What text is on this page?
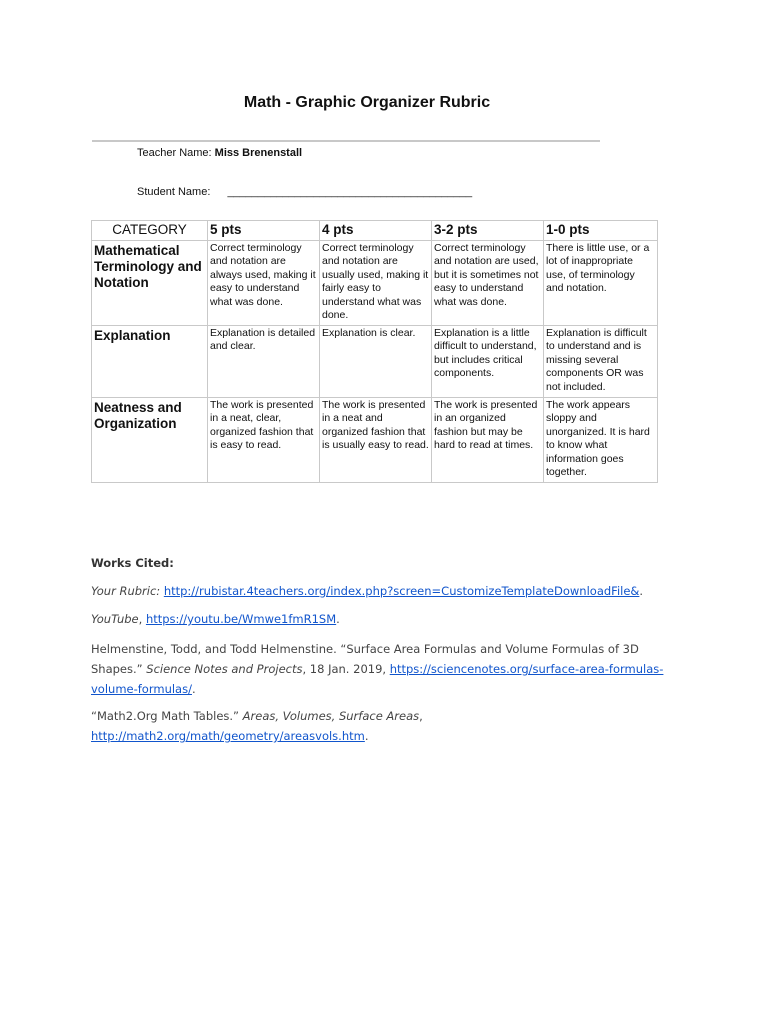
Math - Graphic Organizer Rubric
Teacher Name: Miss Brenenstall
Student Name: ________________________________________
CATEGORY	5 pts	4 pts	3-2 pts	1-0 pts
Mathematical Terminology and Notation	Correct terminology and notation are always used, making it easy to understand what was done.	Correct terminology and notation are usually used, making it fairly easy to understand what was done.	Correct terminology and notation are used, but it is sometimes not easy to understand what was done.	There is little use, or a lot of inappropriate use, of terminology and notation.
Explanation	Explanation is detailed and clear.	Explanation is clear.	Explanation is a little difficult to understand, but includes critical components.	Explanation is difficult to understand and is missing several components OR was not included.
Neatness and Organization	The work is presented in a neat, clear, organized fashion that is easy to read.	The work is presented in a neat and organized fashion that is usually easy to read.	The work is presented in an organized fashion but may be hard to read at times.	The work appears sloppy and unorganized. It is hard to know what information goes together.
Works Cited:
Your Rubric: http://rubistar.4teachers.org/index.php?screen=CustomizeTemplateDownloadFile&.
YouTube, https://youtu.be/Wmwe1fmR1SM.
Helmenstine, Todd, and Todd Helmenstine. “Surface Area Formulas and Volume Formulas of 3D Shapes.” Science Notes and Projects, 18 Jan. 2019, https://sciencenotes.org/surface-area-formulas-volume-formulas/.
“Math2.Org Math Tables.” Areas, Volumes, Surface Areas, http://math2.org/math/geometry/areasvols.htm.
